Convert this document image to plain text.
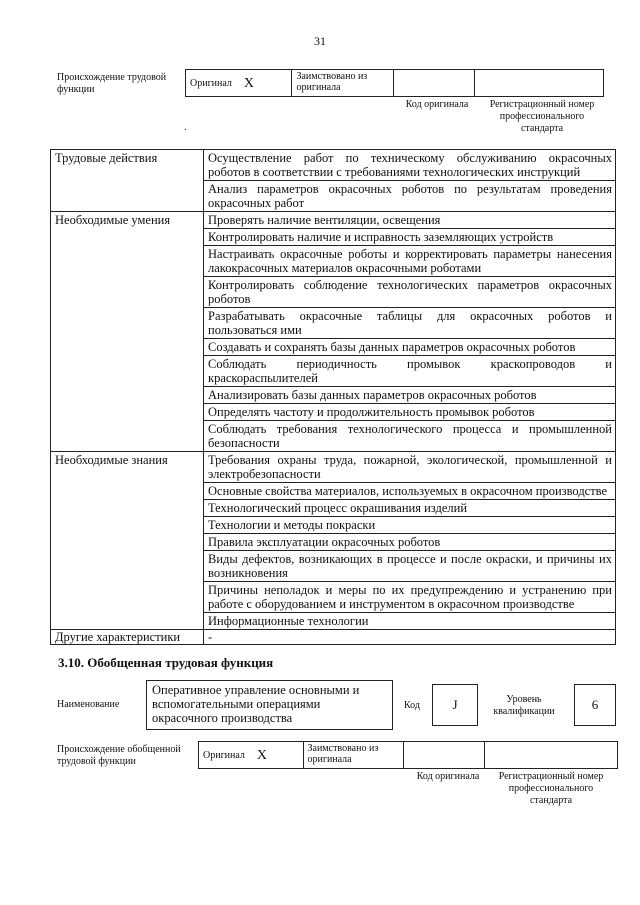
31
Происхождение трудовой функции
Оригинал X	Заимствовано из оригинала
Код оригинала	Регистрационный номер профессионального стандарта
.
Трудовые действия	Осуществление работ по техническому обслуживанию окрасочных роботов в соответствии с требованиями технологических инструкций
	Анализ параметров окрасочных роботов по результатам проведения окрасочных работ
Необходимые умения	Проверять наличие вентиляции, освещения
	Контролировать наличие и исправность заземляющих устройств
	Настраивать окрасочные роботы и корректировать параметры нанесения лакокрасочных материалов окрасочными роботами
	Контролировать соблюдение технологических параметров окрасочных роботов
	Разрабатывать окрасочные таблицы для окрасочных роботов и пользоваться ими
	Создавать и сохранять базы данных параметров окрасочных роботов
	Соблюдать периодичность промывок краскопроводов и краскораспылителей
	Анализировать базы данных параметров окрасочных роботов
	Определять частоту и продолжительность промывок роботов
	Соблюдать требования технологического процесса и промышленной безопасности
Необходимые знания	Требования охраны труда, пожарной, экологической, промышленной и электробезопасности
	Основные свойства материалов, используемых в окрасочном производстве
	Технологический процесс окрашивания изделий
	Технологии и методы покраски
	Правила эксплуатации окрасочных роботов
	Виды дефектов, возникающих в процессе и после окраски, и причины их возникновения
	Причины неполадок и меры по их предупреждению и устранению при работе с оборудованием и инструментом в окрасочном производстве
	Информационные технологии
Другие характеристики	-
3.10. Обобщенная трудовая функция
Наименование
Оперативное управление основными и вспомогательными операциями окрасочного производства
Код	J	Уровень квалификации	6
Происхождение обобщенной трудовой функции
Оригинал X	Заимствовано из оригинала
Код оригинала	Регистрационный номер профессионального стандарта
